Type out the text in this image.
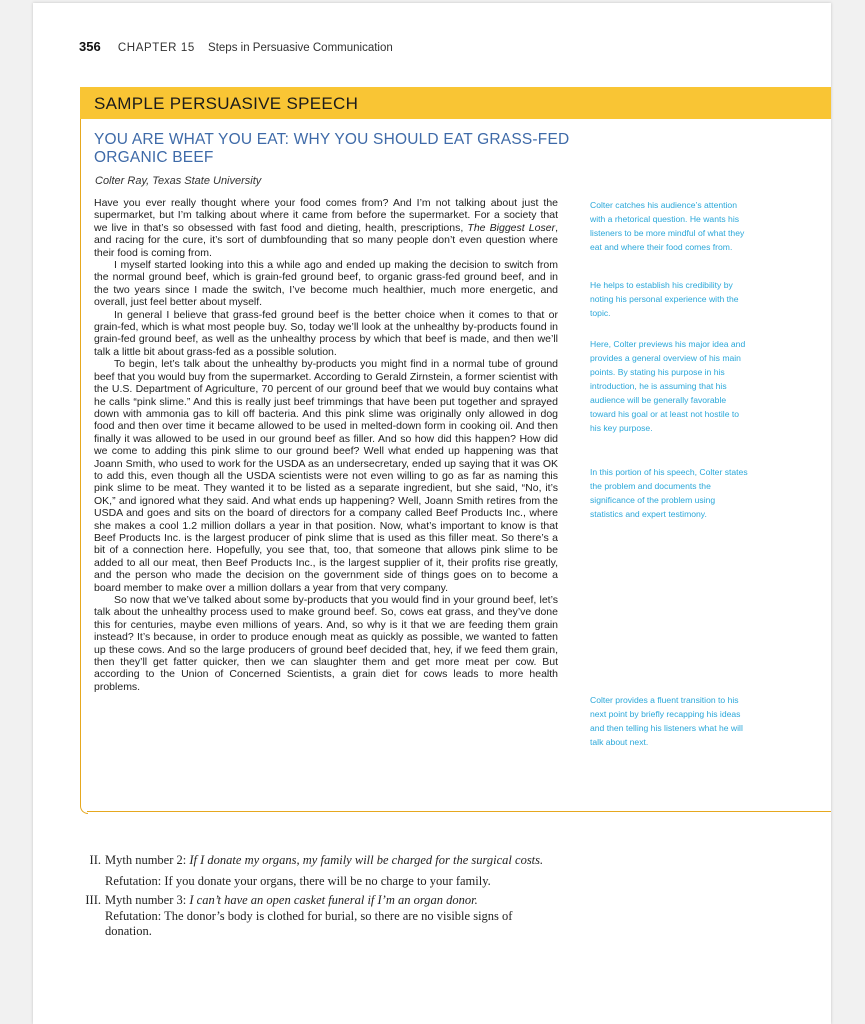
356 CHAPTER 15 Steps in Persuasive Communication
SAMPLE PERSUASIVE SPEECH
YOU ARE WHAT YOU EAT: WHY YOU SHOULD EAT GRASS-FED ORGANIC BEEF
Colter Ray, Texas State University

Have you ever really thought where your food comes from? And I’m not talking about just the supermarket, but I’m talking about where it came from before the supermarket. For a society that we live in that’s so obsessed with fast food and dieting, health, prescriptions, The Biggest Loser, and racing for the cure, it’s sort of dumbfounding that so many people don’t even question where their food is coming from.

I myself started looking into this a while ago and ended up making the decision to switch from the normal ground beef, which is grain-fed ground beef, to organic grass-fed ground beef, and in the two years since I made the switch, I’ve become much healthier, much more energetic, and overall, just feel better about myself.

In general I believe that grass-fed ground beef is the better choice when it comes to that or grain-fed, which is what most people buy. So, today we’ll look at the unhealthy by-products found in grain-fed ground beef, as well as the unhealthy process by which that beef is made, and then we’ll talk a little bit about grass-fed as a possible solution.

To begin, let’s talk about the unhealthy by-products you might find in a normal tube of ground beef that you would buy from the supermarket. According to Gerald Zirnstein, a former scientist with the U.S. Department of Agriculture, 70 percent of our ground beef that we would buy contains what he calls “pink slime.” And this is really just beef trimmings that have been put together and sprayed down with ammonia gas to kill off bacteria. And this pink slime was originally only allowed in dog food and then over time it became allowed to be used in melted-down form in cooking oil. And then finally it was allowed to be used in our ground beef as filler. And so how did this happen? How did we come to adding this pink slime to our ground beef? Well what ended up happening was that Joann Smith, who used to work for the USDA as an undersecretary, ended up saying that it was OK to add this, even though all the USDA scientists were not even willing to go as far as naming this pink slime to be meat. They wanted it to be listed as a separate ingredient, but she said, “No, it’s OK,” and ignored what they said. And what ends up happening? Well, Joann Smith retires from the USDA and goes and sits on the board of directors for a company called Beef Products Inc., where she makes a cool 1.2 million dollars a year in that position. Now, what’s important to know is that Beef Products Inc. is the largest producer of pink slime that is used as this filler meat. So there’s a bit of a connection here. Hopefully, you see that, too, that someone that allows pink slime to be added to all our meat, then Beef Products Inc., is the largest supplier of it, their profits rise greatly, and the person who made the decision on the government side of things goes on to become a board member to make over a million dollars a year from that very company.

So now that we’ve talked about some by-products that you would find in your ground beef, let’s talk about the unhealthy process used to make ground beef. So, cows eat grass, and they’ve done this for centuries, maybe even millions of years. And, so why is it that we are feeding them grain instead? It’s because, in order to produce enough meat as quickly as possible, we wanted to fatten up these cows. And so the large producers of ground beef decided that, hey, if we feed them grain, then they’ll get fatter quicker, then we can slaughter them and get more meat per cow. But according to the Union of Concerned Scientists, a grain diet for cows leads to more health problems.

Colter catches his audience’s attention with a rhetorical question. He wants his listeners to be more mindful of what they eat and where their food comes from.
He helps to establish his credibility by noting his personal experience with the topic.
Here, Colter previews his major idea and provides a general overview of his main points. By stating his purpose in his introduction, he is assuming that his audience will be generally favorable toward his goal or at least not hostile to his key purpose.
In this portion of his speech, Colter states the problem and documents the significance of the problem using statistics and expert testimony.
Colter provides a fluent transition to his next point by briefly recapping his ideas and then telling his listeners what he will talk about next.
II. Myth number 2: If I donate my organs, my family will be charged for the surgical costs.
Refutation: If you donate your organs, there will be no charge to your family.
III. Myth number 3: I can’t have an open casket funeral if I’m an organ donor.
Refutation: The donor’s body is clothed for burial, so there are no visible signs of donation.
